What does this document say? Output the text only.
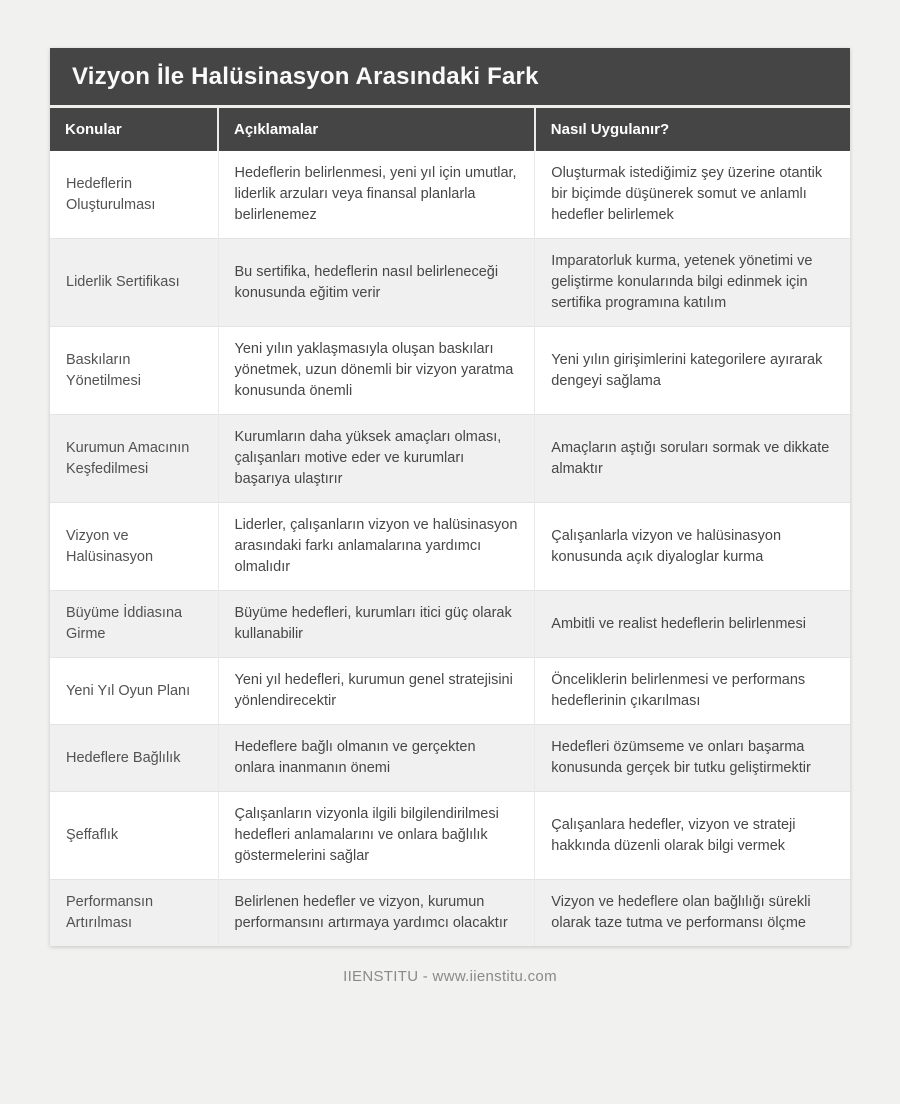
Vizyon İle Halüsinasyon Arasındaki Fark
Konular	Açıklamalar	Nasıl Uygulanır?
Hedeflerin Oluşturulması	Hedeflerin belirlenmesi, yeni yıl için umutlar, liderlik arzuları veya finansal planlarla belirlenemez	Oluşturmak istediğimiz şey üzerine otantik bir biçimde düşünerek somut ve anlamlı hedefler belirlemek
Liderlik Sertifikası	Bu sertifika, hedeflerin nasıl belirleneceği konusunda eğitim verir	Imparatorluk kurma, yetenek yönetimi ve geliştirme konularında bilgi edinmek için sertifika programına katılım
Baskıların Yönetilmesi	Yeni yılın yaklaşmasıyla oluşan baskıları yönetmek, uzun dönemli bir vizyon yaratma konusunda önemli	Yeni yılın girişimlerini kategorilere ayırarak dengeyi sağlama
Kurumun Amacının Keşfedilmesi	Kurumların daha yüksek amaçları olması, çalışanları motive eder ve kurumları başarıya ulaştırır	Amaçların aştığı soruları sormak ve dikkate almaktır
Vizyon ve Halüsinasyon	Liderler, çalışanların vizyon ve halüsinasyon arasındaki farkı anlamalarına yardımcı olmalıdır	Çalışanlarla vizyon ve halüsinasyon konusunda açık diyaloglar kurma
Büyüme İddiasına Girme	Büyüme hedefleri, kurumları itici güç olarak kullanabilir	Ambitli ve realist hedeflerin belirlenmesi
Yeni Yıl Oyun Planı	Yeni yıl hedefleri, kurumun genel stratejisini yönlendirecektir	Önceliklerin belirlenmesi ve performans hedeflerinin çıkarılması
Hedeflere Bağlılık	Hedeflere bağlı olmanın ve gerçekten onlara inanmanın önemi	Hedefleri özümseme ve onları başarma konusunda gerçek bir tutku geliştirmektir
Şeffaflık	Çalışanların vizyonla ilgili bilgilendirilmesi hedefleri anlamalarını ve onlara bağlılık göstermelerini sağlar	Çalışanlara hedefler, vizyon ve strateji hakkında düzenli olarak bilgi vermek
Performansın Artırılması	Belirlenen hedefler ve vizyon, kurumun performansını artırmaya yardımcı olacaktır	Vizyon ve hedeflere olan bağlılığı sürekli olarak taze tutma ve performansı ölçme
IIENSTITU - www.iienstitu.com
